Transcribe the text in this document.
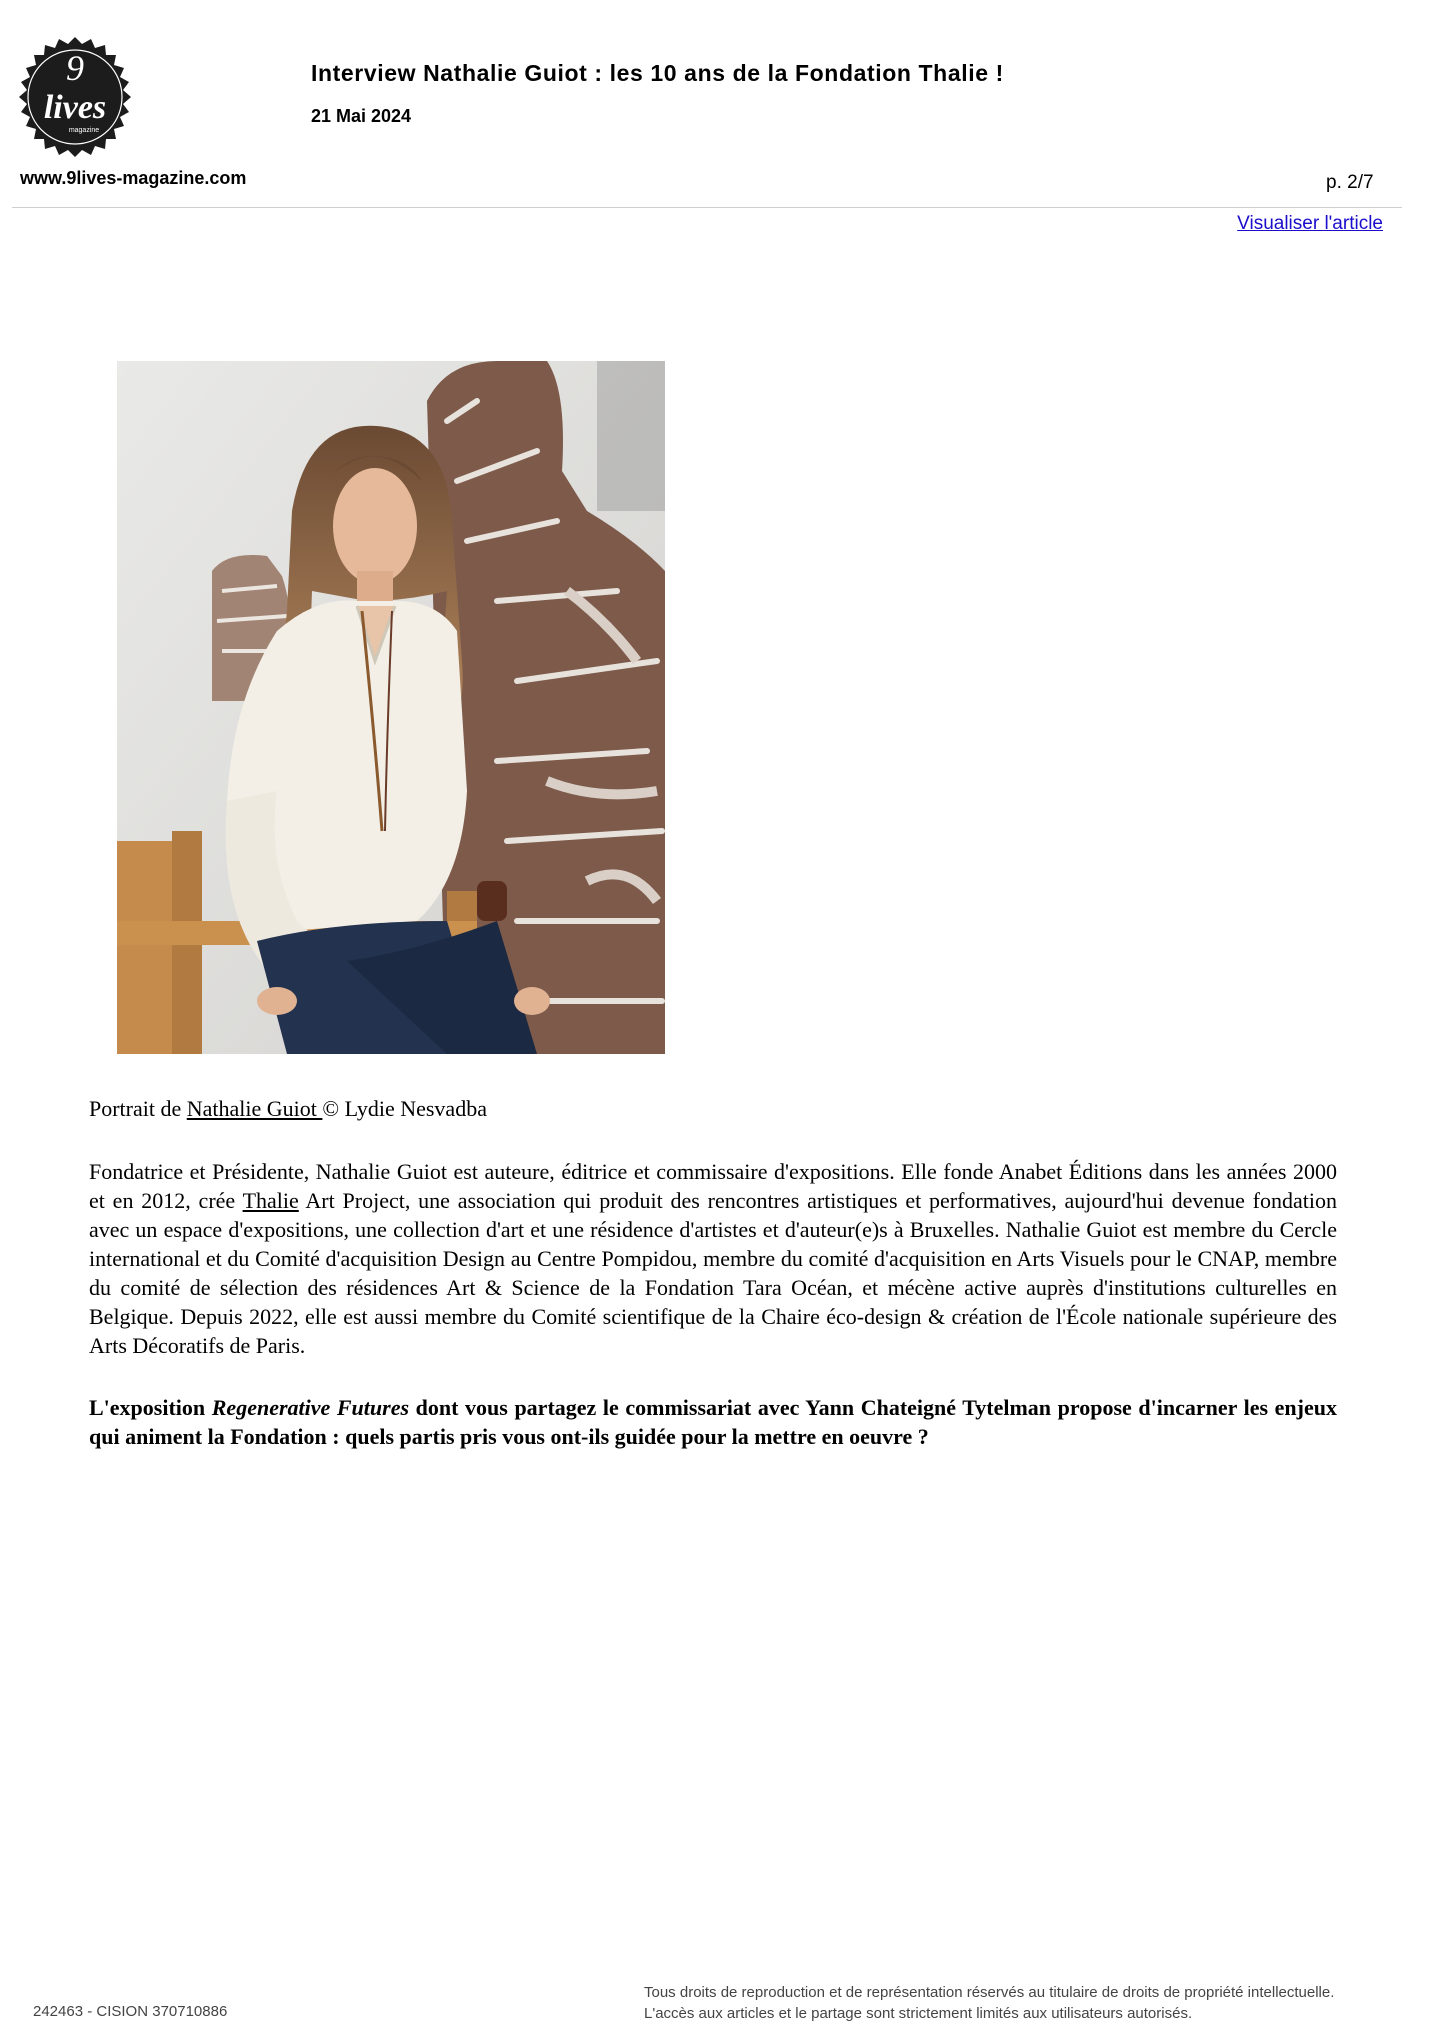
9
lives
magazine
Interview Nathalie Guiot : les 10 ans de la Fondation Thalie !
21 Mai 2024
www.9lives-magazine.com	p. 2/7
Visualiser l'article

Portrait de Nathalie Guiot © Lydie Nesvadba

Fondatrice et Présidente, Nathalie Guiot est auteure, éditrice et commissaire d'expositions. Elle fonde Anabet Éditions dans les années 2000 et en 2012, crée Thalie Art Project, une association qui produit des rencontres artistiques et performatives, aujourd'hui devenue fondation avec un espace d'expositions, une collection d'art et une résidence d'artistes et d'auteur(e)s à Bruxelles. Nathalie Guiot est membre du Cercle international et du Comité d'acquisition Design au Centre Pompidou, membre du comité d'acquisition en Arts Visuels pour le CNAP, membre du comité de sélection des résidences Art & Science de la Fondation Tara Océan, et mécène active auprès d'institutions culturelles en Belgique. Depuis 2022, elle est aussi membre du Comité scientifique de la Chaire éco-design & création de l'École nationale supérieure des Arts Décoratifs de Paris.

L'exposition Regenerative Futures dont vous partagez le commissariat avec Yann Chateigné Tytelman propose d'incarner les enjeux qui animent la Fondation : quels partis pris vous ont-ils guidée pour la mettre en oeuvre ?

242463 - CISION 370710886
Tous droits de reproduction et de représentation réservés au titulaire de droits de propriété intellectuelle.
L'accès aux articles et le partage sont strictement limités aux utilisateurs autorisés.
